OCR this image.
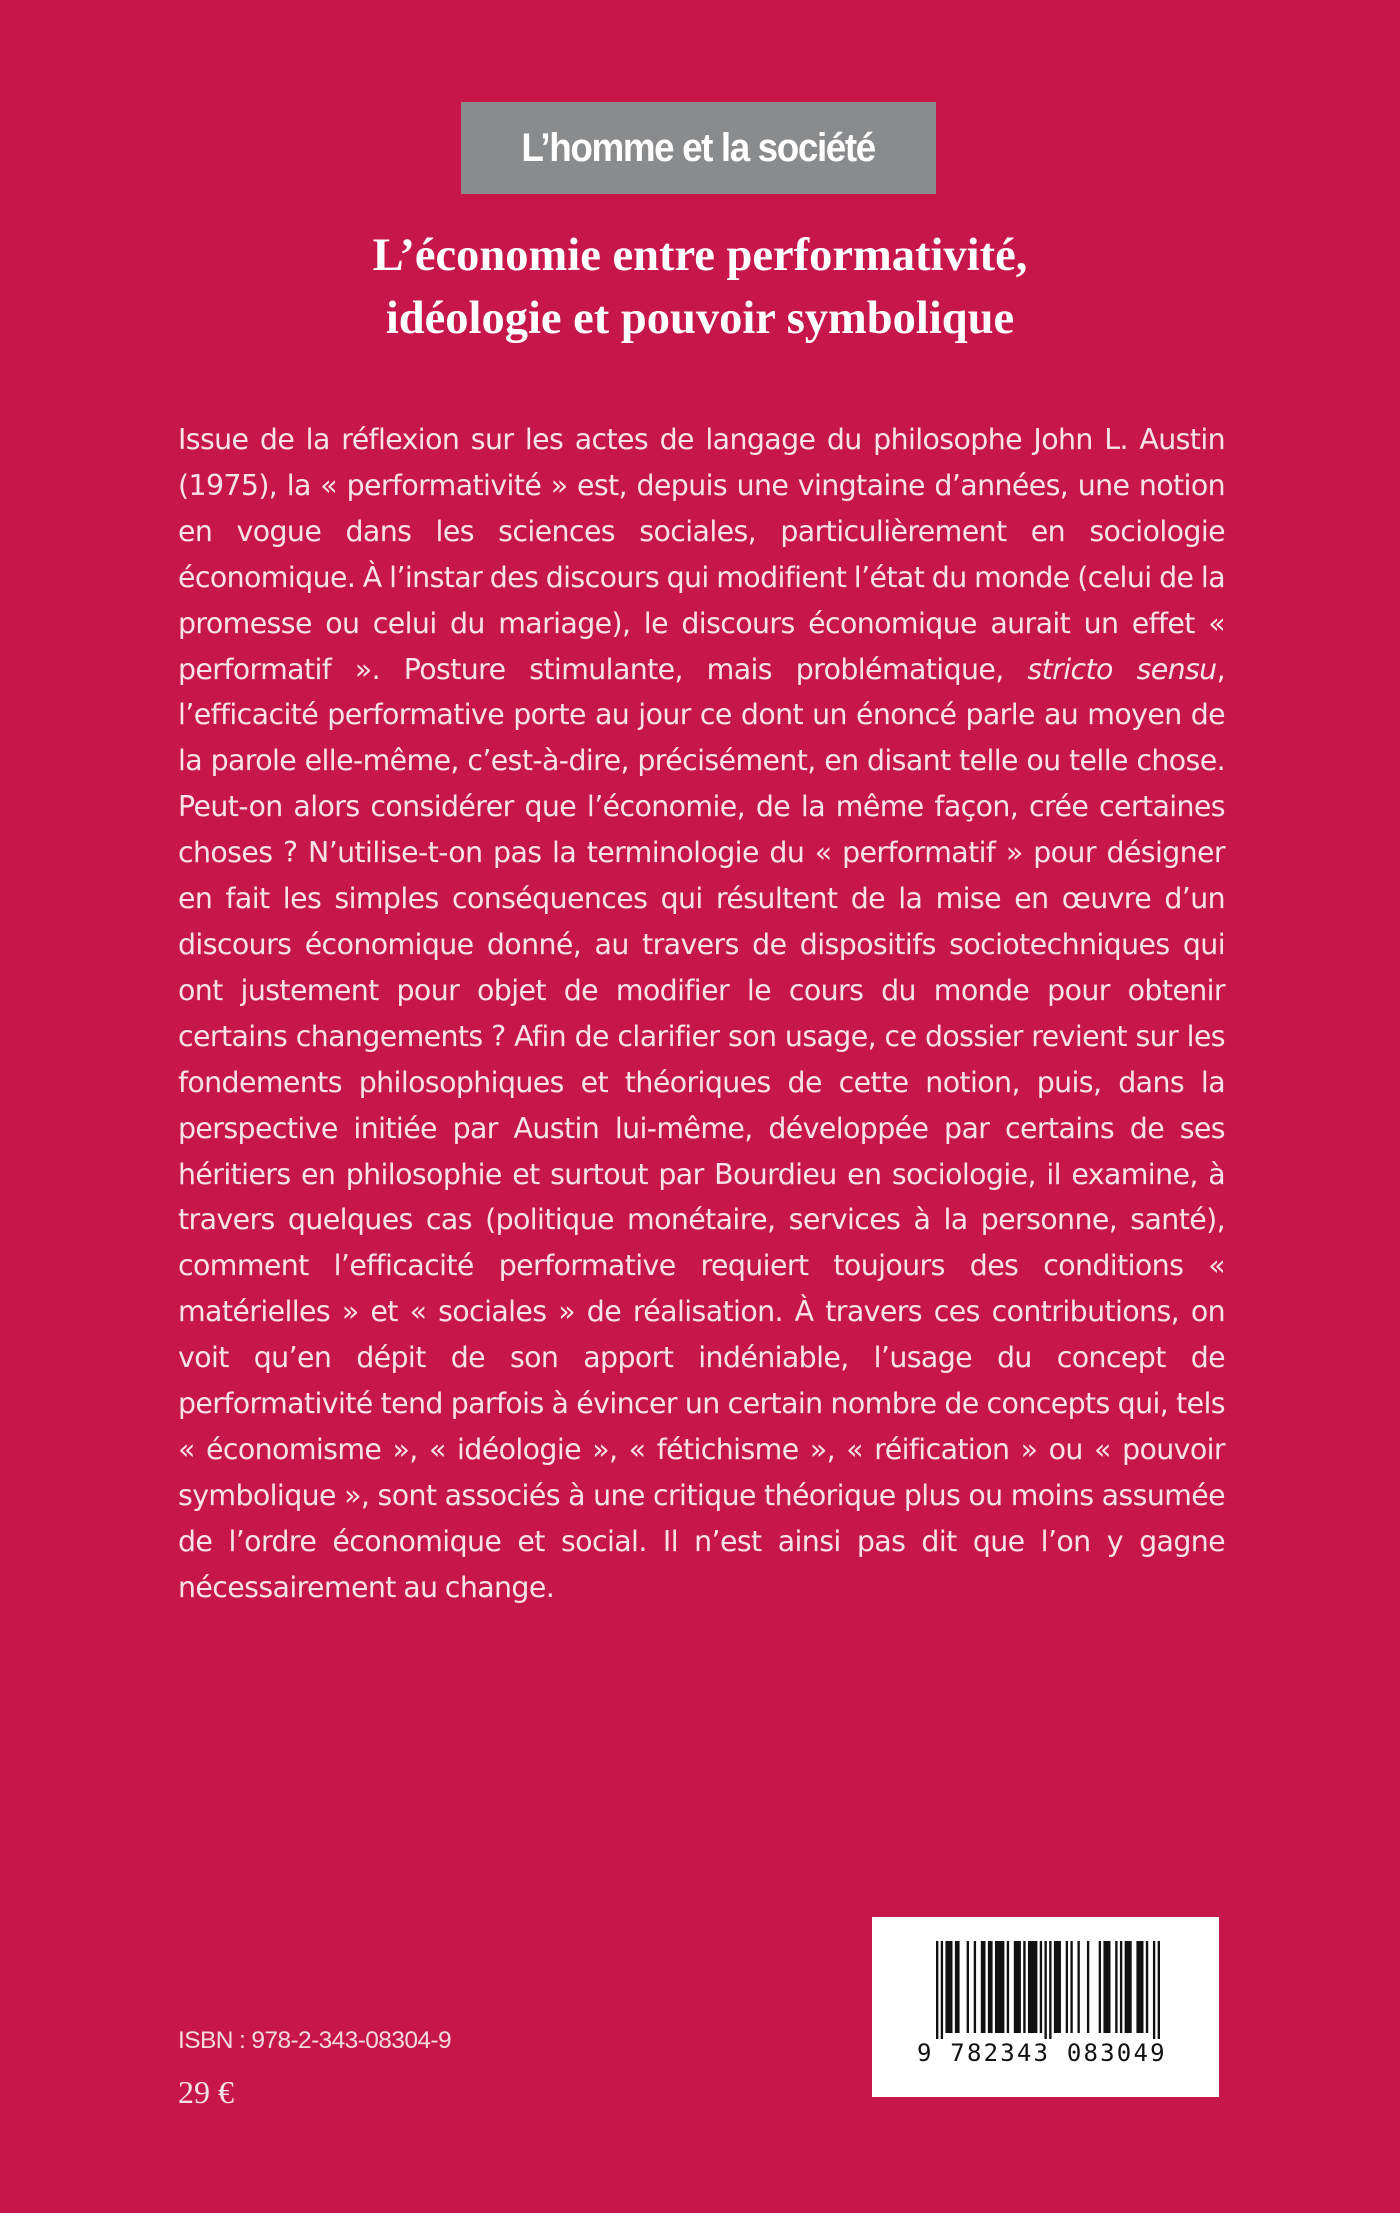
L’homme et la société
L’économie entre performativité,
idéologie et pouvoir symbolique

Issue de la réflexion sur les actes de langage du philosophe John L. Austin (1975), la « performativité » est, depuis une vingtaine d’années, une notion en vogue dans les sciences sociales, particulièrement en sociologie économique. À l’instar des discours qui modifient l’état du monde (celui de la promesse ou celui du mariage), le discours économique aurait un effet « performatif ». Posture stimulante, mais problématique, stricto sensu, l’efficacité performative porte au jour ce dont un énoncé parle au moyen de la parole elle-même, c’est-à-dire, précisément, en disant telle ou telle chose. Peut-on alors considérer que l’économie, de la même façon, crée certaines choses ? N’utilise-t-on pas la terminologie du « performatif » pour désigner en fait les simples conséquences qui résultent de la mise en œuvre d’un discours économique donné, au travers de dispositifs sociotechniques qui ont justement pour objet de modifier le cours du monde pour obtenir certains changements ? Afin de clarifier son usage, ce dossier revient sur les fondements philosophiques et théoriques de cette notion, puis, dans la perspective initiée par Austin lui-même, développée par certains de ses héritiers en philosophie et surtout par Bourdieu en sociologie, il examine, à travers quelques cas (politique monétaire, services à la personne, santé), comment l’efficacité performative requiert toujours des conditions « matérielles » et « sociales » de réalisation. À travers ces contributions, on voit qu’en dépit de son apport indéniable, l’usage du concept de performativité tend parfois à évincer un certain nombre de concepts qui, tels « économisme », « idéologie », « fétichisme », « réification » ou « pouvoir symbolique », sont associés à une critique théorique plus ou moins assumée de l’ordre économique et social. Il n’est ainsi pas dit que l’on y gagne nécessairement au change.

ISBN : 978-2-343-08304-9
29 €
9 782343 083049
